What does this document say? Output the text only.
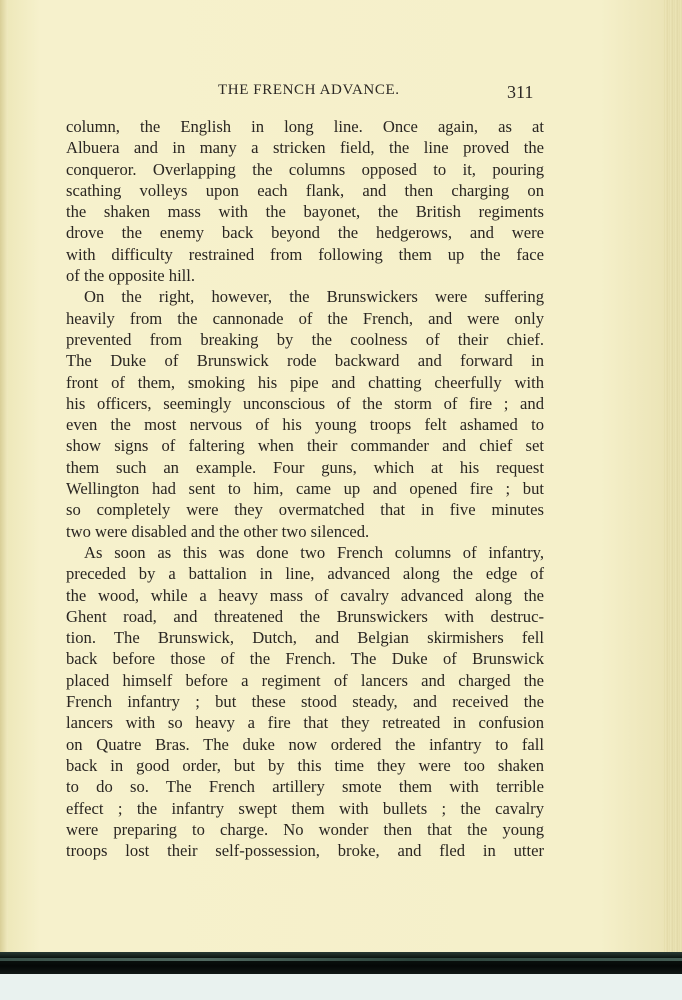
THE FRENCH ADVANCE.	311
column, the English in long line. Once again, as at
Albuera and in many a stricken field, the line proved the
conqueror. Overlapping the columns opposed to it, pouring
scathing volleys upon each flank, and then charging on
the shaken mass with the bayonet, the British regiments
drove the enemy back beyond the hedgerows, and were
with difficulty restrained from following them up the face
of the opposite hill.
On the right, however, the Brunswickers were suffering
heavily from the cannonade of the French, and were only
prevented from breaking by the coolness of their chief.
The Duke of Brunswick rode backward and forward in
front of them, smoking his pipe and chatting cheerfully with
his officers, seemingly unconscious of the storm of fire ; and
even the most nervous of his young troops felt ashamed to
show signs of faltering when their commander and chief set
them such an example. Four guns, which at his request
Wellington had sent to him, came up and opened fire ; but
so completely were they overmatched that in five minutes
two were disabled and the other two silenced.
As soon as this was done two French columns of infantry,
preceded by a battalion in line, advanced along the edge of
the wood, while a heavy mass of cavalry advanced along the
Ghent road, and threatened the Brunswickers with destruc-
tion. The Brunswick, Dutch, and Belgian skirmishers fell
back before those of the French. The Duke of Brunswick
placed himself before a regiment of lancers and charged the
French infantry ; but these stood steady, and received the
lancers with so heavy a fire that they retreated in confusion
on Quatre Bras. The duke now ordered the infantry to fall
back in good order, but by this time they were too shaken
to do so. The French artillery smote them with terrible
effect ; the infantry swept them with bullets ; the cavalry
were preparing to charge. No wonder then that the young
troops lost their self-possession, broke, and fled in utter
